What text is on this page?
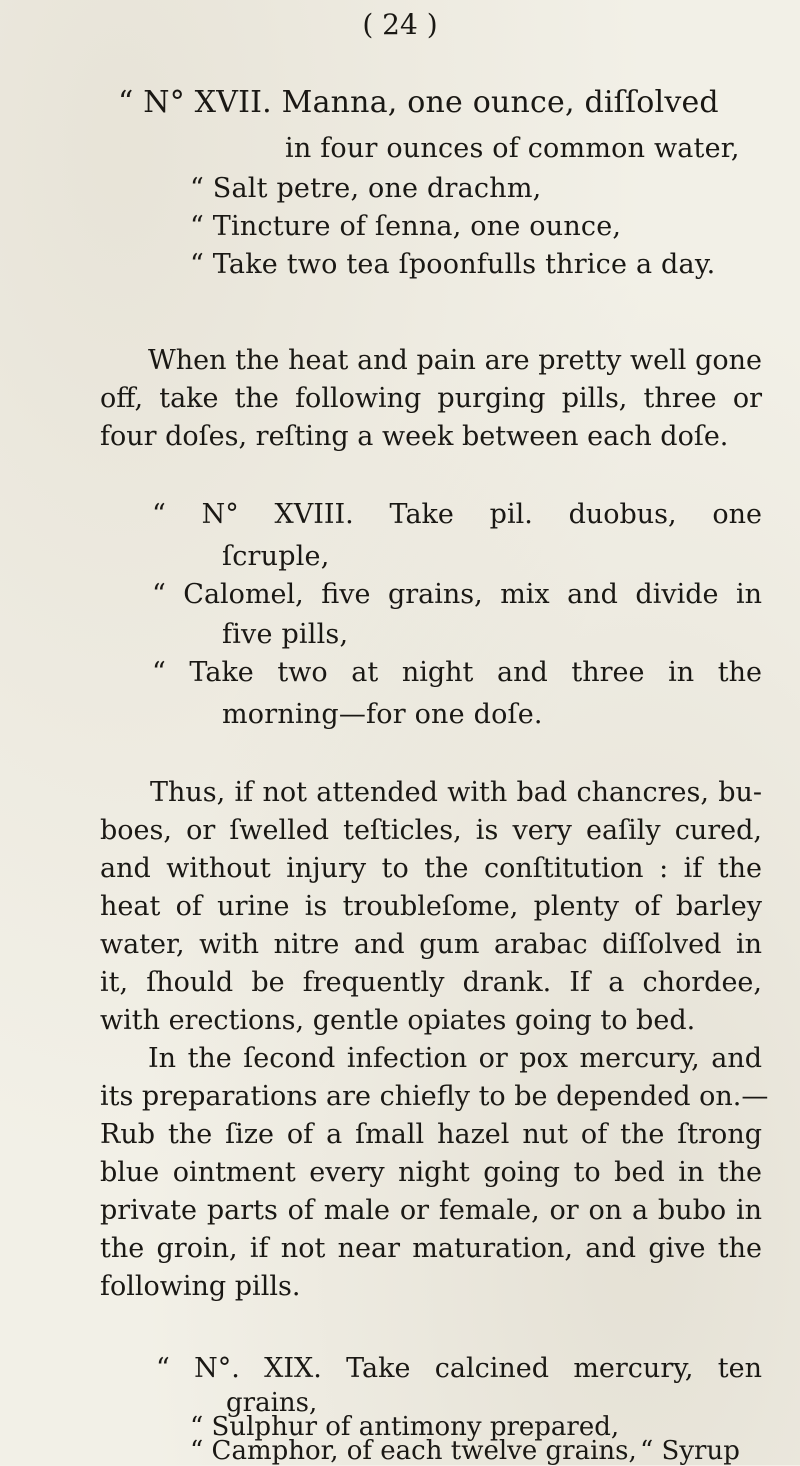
( 24 )
“ N° XVII. Manna, one ounce, diſſolved
in four ounces of common water,
“ Salt petre, one drachm,
“ Tincture of ſenna, one ounce,
“ Take two tea ſpoonfulls thrice a day.
When the heat and pain are pretty well gone
off, take the following purging pills, three or
four doſes, reſting a week between each doſe.
“ N° XVIII. Take pil. duobus, one
ſcruple,
“ Calomel, five grains, mix and divide in
five pills,
“ Take two at night and three in the
morning—for one doſe.
Thus, if not attended with bad chancres, bu-
boes, or ſwelled teſticles, is very eaſily cured,
and without injury to the conſtitution : if the
heat of urine is troubleſome, plenty of barley
water, with nitre and gum arabac diſſolved in
it, ſhould be frequently drank. If a chordee,
with erections, gentle opiates going to bed.
In the ſecond infection or pox mercury, and
its preparations are chiefly to be depended on.—
Rub the ſize of a ſmall hazel nut of the ſtrong
blue ointment every night going to bed in the
private parts of male or female, or on a bubo in
the groin, if not near maturation, and give the
following pills.
“ N°. XIX. Take calcined mercury, ten
grains,
“ Sulphur of antimony prepared,
“ Camphor, of each twelve grains, “ Syrup
